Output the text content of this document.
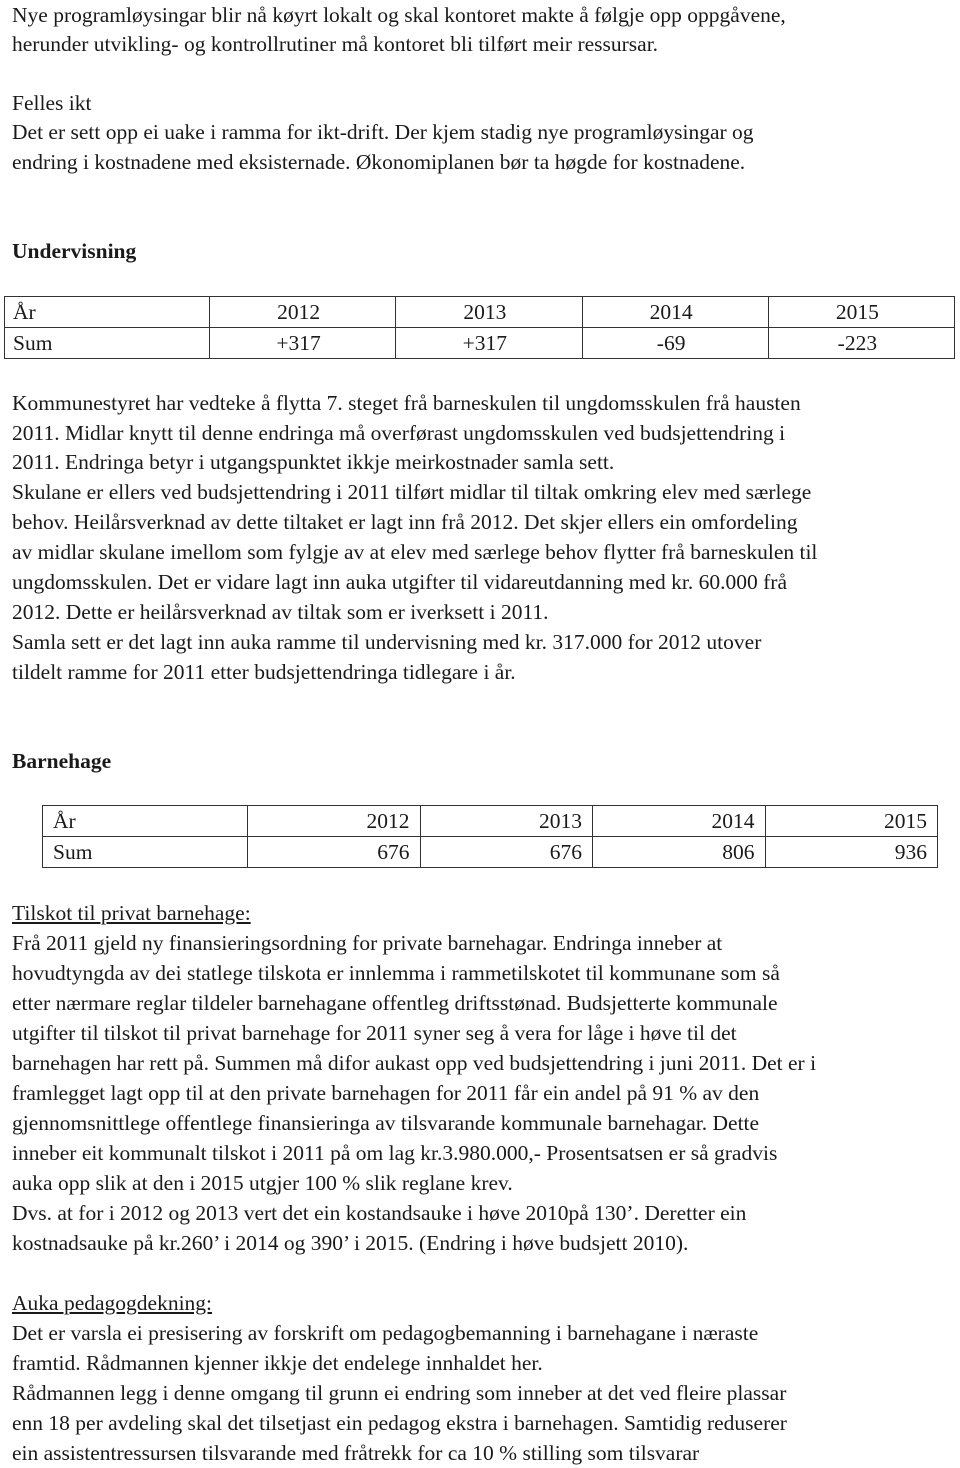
Nye programløysingar blir nå køyrt lokalt og skal kontoret makte å følgje opp oppgåvene,
herunder utvikling- og kontrollrutiner må kontoret bli tilført meir ressursar.
Felles ikt
Det er sett opp ei uake i ramma for ikt-drift. Der kjem stadig nye programløysingar og
endring i kostnadene med eksisternade. Økonomiplanen bør ta høgde for kostnadene.
Undervisning
År	2012	2013	2014	2015
Sum	+317	+317	-69	-223
Kommunestyret har vedteke å flytta 7. steget frå barneskulen til ungdomsskulen frå hausten
2011. Midlar knytt til denne endringa må overførast ungdomsskulen ved budsjettendring i
2011. Endringa betyr i utgangspunktet ikkje meirkostnader samla sett.
Skulane er ellers ved budsjettendring i 2011 tilført midlar til tiltak omkring elev med særlege
behov. Heilårsverknad av dette tiltaket er lagt inn frå 2012. Det skjer ellers ein omfordeling
av midlar skulane imellom som fylgje av at elev med særlege behov flytter frå barneskulen til
ungdomsskulen. Det er vidare lagt inn auka utgifter til vidareutdanning med kr. 60.000 frå
2012. Dette er heilårsverknad av tiltak som er iverksett i 2011.
Samla sett er det lagt inn auka ramme til undervisning med kr. 317.000 for 2012 utover
tildelt ramme for 2011 etter budsjettendringa tidlegare i år.
Barnehage
År	2012	2013	2014	2015
Sum	676	676	806	936
Tilskot til privat barnehage:
Frå 2011 gjeld ny finansieringsordning for private barnehagar. Endringa inneber at
hovudtyngda av dei statlege tilskota er innlemma i rammetilskotet til kommunane som så
etter nærmare reglar tildeler barnehagane offentleg driftsstønad. Budsjetterte kommunale
utgifter til tilskot til privat barnehage for 2011 syner seg å vera for låge i høve til det
barnehagen har rett på. Summen må difor aukast opp ved budsjettendring i juni 2011. Det er i
framlegget lagt opp til at den private barnehagen for 2011 får ein andel på 91 % av den
gjennomsnittlege offentlege finansieringa av tilsvarande kommunale barnehagar. Dette
inneber eit kommunalt tilskot i 2011 på om lag kr.3.980.000,- Prosentsatsen er så gradvis
auka opp slik at den i 2015 utgjer 100 % slik reglane krev.
Dvs. at for i 2012 og 2013 vert det ein kostandsauke i høve 2010på 130’. Deretter ein
kostnadsauke på kr.260’ i 2014 og 390’ i 2015. (Endring i høve budsjett 2010).
Auka pedagogdekning:
Det er varsla ei presisering av forskrift om pedagogbemanning i barnehagane i næraste
framtid. Rådmannen kjenner ikkje det endelege innhaldet her.
Rådmannen legg i denne omgang til grunn ei endring som inneber at det ved fleire plassar
enn 18 per avdeling skal det tilsetjast ein pedagog ekstra i barnehagen. Samtidig reduserer
ein assistentressursen tilsvarande med fråtrekk for ca 10 % stilling som tilsvarar
